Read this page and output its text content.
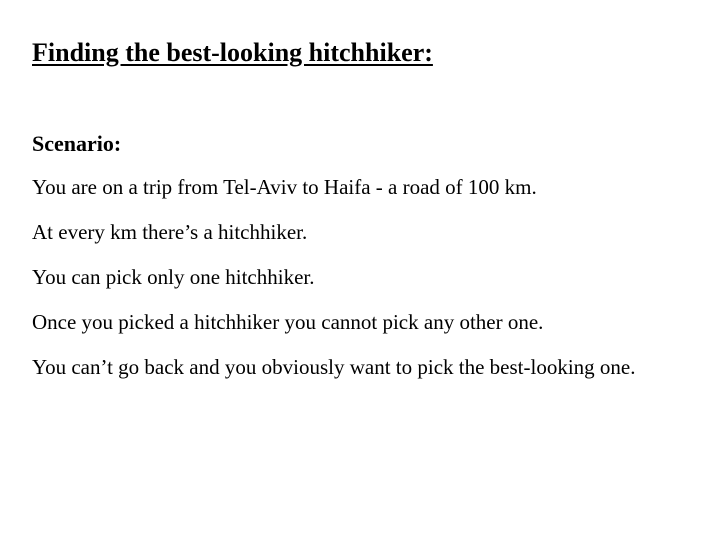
Finding the best-looking hitchhiker:
Scenario:
You are on a trip from Tel-Aviv to Haifa - a road of 100 km.
At every km there’s a hitchhiker.
You can pick only one hitchhiker.
Once you picked a hitchhiker you cannot pick any other one.
You can’t go back and you obviously want to pick the best-looking one.
